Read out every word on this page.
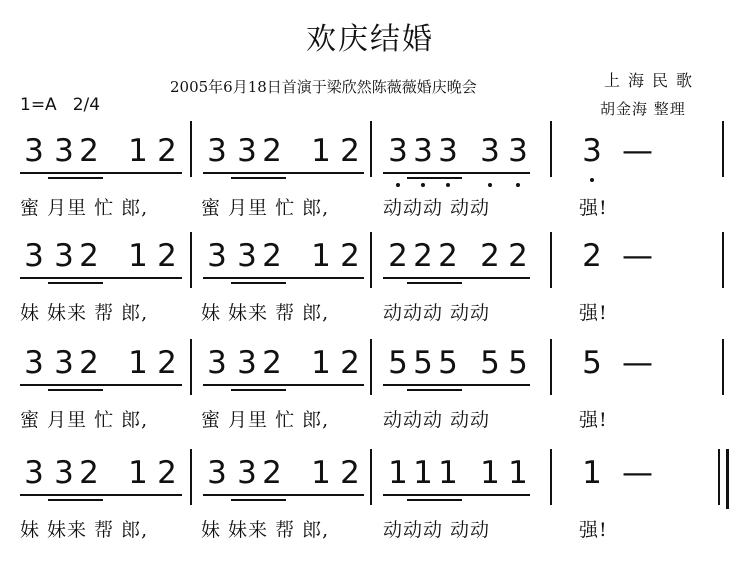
欢庆结婚
2005年6月18日首演于梁欣然陈薇薇婚庆晚会	上海民歌
胡金海 整理
1=A 2/4
3 3 2 1 2 3 3 2 1 2 3 3 3 3 3 3 —
蜜 月里 忙 郎,	蜜 月里 忙 郎,	动动动 动动	强!
3 3 2 1 2 3 3 2 1 2 2 2 2 2 2 2 —
妹 妹来 帮 郎,	妹 妹来 帮 郎,	动动动 动动	强!
3 3 2 1 2 3 3 2 1 2 5 5 5 5 5 5 —
蜜 月里 忙 郎,	蜜 月里 忙 郎,	动动动 动动	强!
3 3 2 1 2 3 3 2 1 2 1 1 1 1 1 1 —
妹 妹来 帮 郎,	妹 妹来 帮 郎,	动动动 动动	强!
